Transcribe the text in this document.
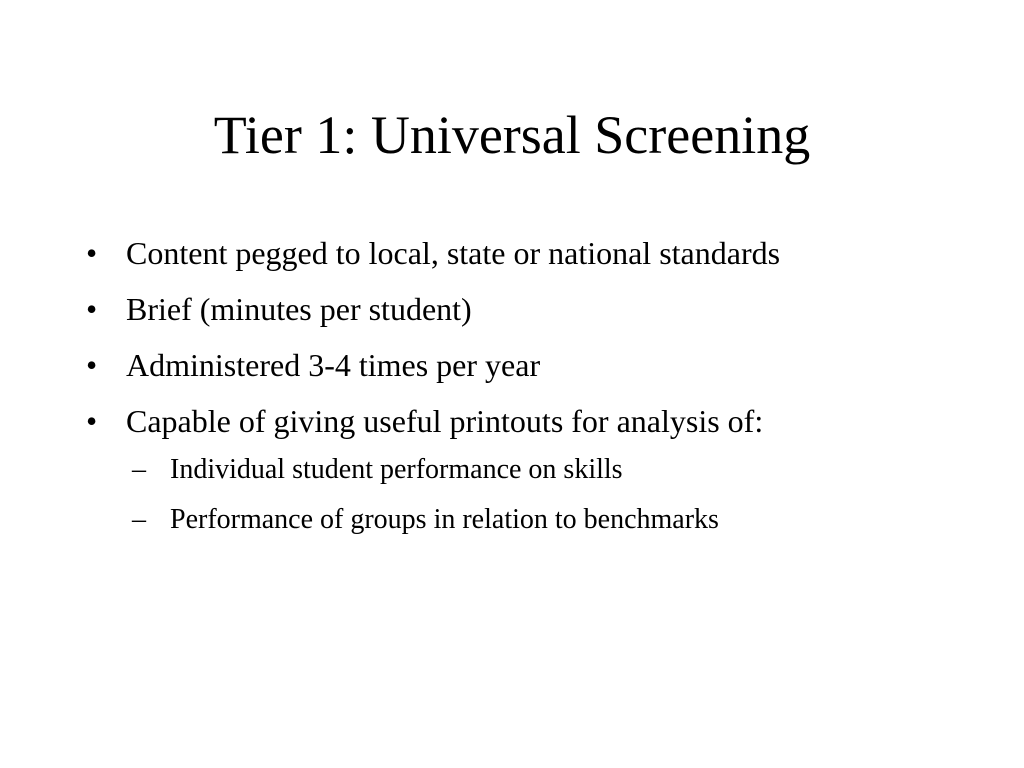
Tier 1: Universal Screening
• Content pegged to local, state or national standards
• Brief (minutes per student)
• Administered 3-4 times per year
• Capable of giving useful printouts for analysis of:
– Individual student performance on skills
– Performance of groups in relation to benchmarks
